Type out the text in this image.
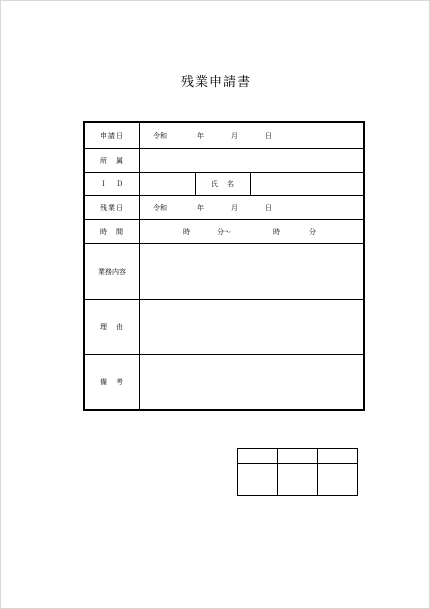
残業申請書
申請日	令和	年	月	日
所　属
Ｉ　Ｄ	氏　名
残業日	令和	年	月	日
時　間	時	分～	時	分
業務内容
理　由
備　考
